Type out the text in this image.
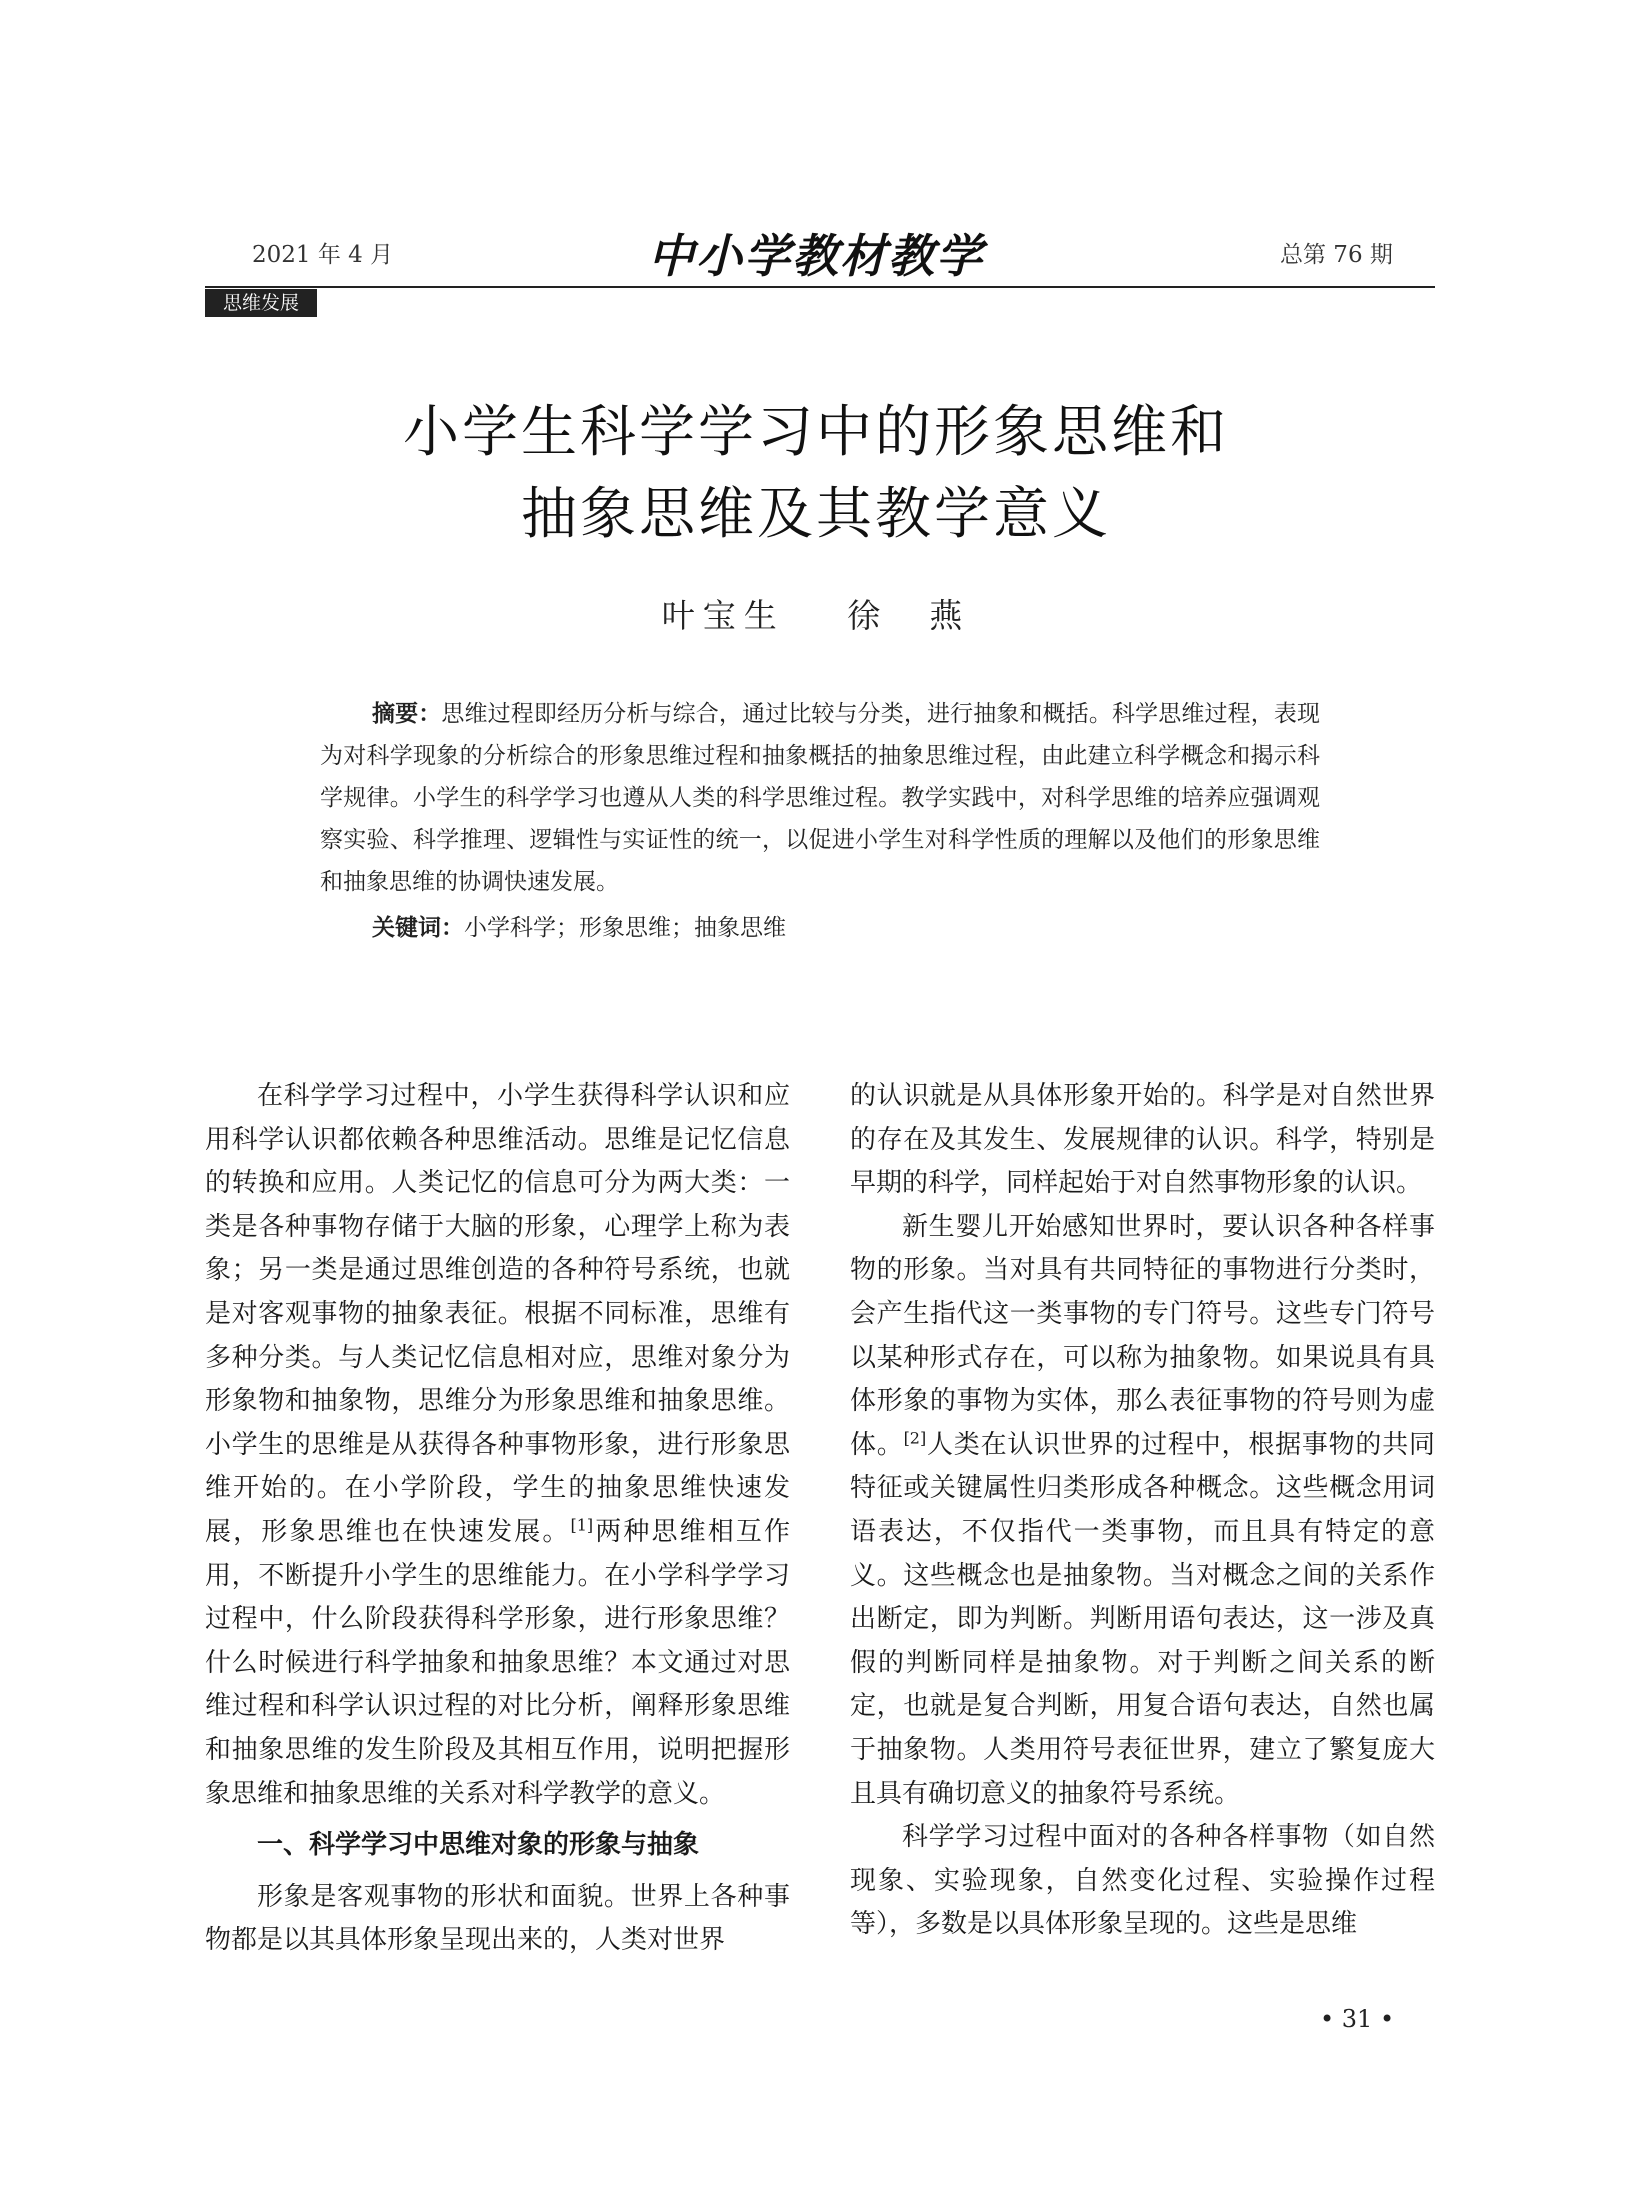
2021 年 4 月	中小学教材教学	总第 76 期
思维发展
小学生科学学习中的形象思维和
抽象思维及其教学意义
叶宝生 徐　燕
摘要：思维过程即经历分析与综合，通过比较与分类，进行抽象和概括。科学思维过程，表现为对科学现象的分析综合的形象思维过程和抽象概括的抽象思维过程，由此建立科学概念和揭示科学规律。小学生的科学学习也遵从人类的科学思维过程。教学实践中，对科学思维的培养应强调观察实验、科学推理、逻辑性与实证性的统一，以促进小学生对科学性质的理解以及他们的形象思维和抽象思维的协调快速发展。
关键词：小学科学；形象思维；抽象思维

在科学学习过程中，小学生获得科学认识和应用科学认识都依赖各种思维活动。思维是记忆信息的转换和应用。人类记忆的信息可分为两大类：一类是各种事物存储于大脑的形象，心理学上称为表象；另一类是通过思维创造的各种符号系统，也就是对客观事物的抽象表征。根据不同标准，思维有多种分类。与人类记忆信息相对应，思维对象分为形象物和抽象物，思维分为形象思维和抽象思维。小学生的思维是从获得各种事物形象，进行形象思维开始的。在小学阶段，学生的抽象思维快速发展，形象思维也在快速发展。[1]两种思维相互作用，不断提升小学生的思维能力。在小学科学学习过程中，什么阶段获得科学形象，进行形象思维？什么时候进行科学抽象和抽象思维？本文通过对思维过程和科学认识过程的对比分析，阐释形象思维和抽象思维的发生阶段及其相互作用，说明把握形象思维和抽象思维的关系对科学教学的意义。

一、科学学习中思维对象的形象与抽象

形象是客观事物的形状和面貌。世界上各种事物都是以其具体形象呈现出来的，人类对世界

的认识就是从具体形象开始的。科学是对自然世界的存在及其发生、发展规律的认识。科学，特别是早期的科学，同样起始于对自然事物形象的认识。

新生婴儿开始感知世界时，要认识各种各样事物的形象。当对具有共同特征的事物进行分类时，会产生指代这一类事物的专门符号。这些专门符号以某种形式存在，可以称为抽象物。如果说具有具体形象的事物为实体，那么表征事物的符号则为虚体。[2]人类在认识世界的过程中，根据事物的共同特征或关键属性归类形成各种概念。这些概念用词语表达，不仅指代一类事物，而且具有特定的意义。这些概念也是抽象物。当对概念之间的关系作出断定，即为判断。判断用语句表达，这一涉及真假的判断同样是抽象物。对于判断之间关系的断定，也就是复合判断，用复合语句表达，自然也属于抽象物。人类用符号表征世界，建立了繁复庞大且具有确切意义的抽象符号系统。

科学学习过程中面对的各种各样事物（如自然现象、实验现象，自然变化过程、实验操作过程等），多数是以具体形象呈现的。这些是思维

• 31 •
